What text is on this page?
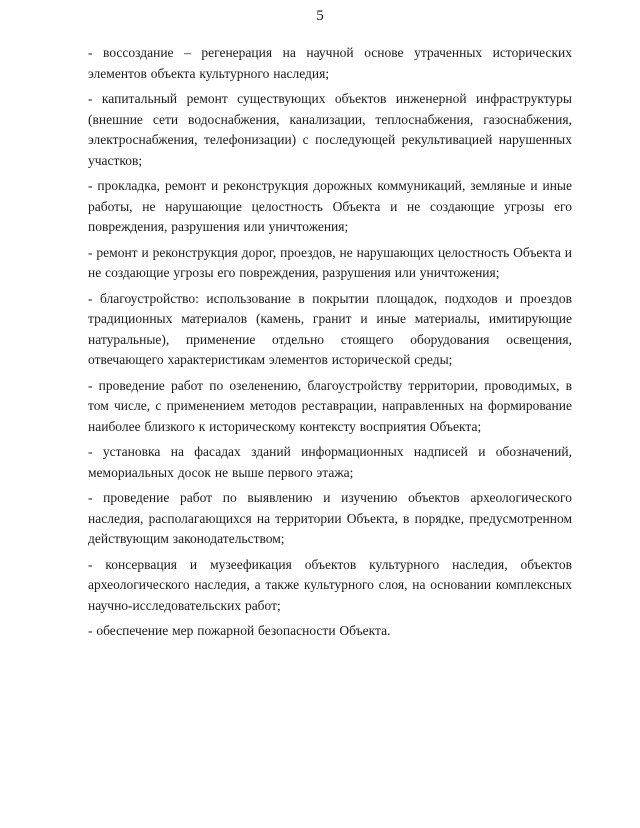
5

- воссоздание – регенерация на научной основе утраченных исторических элементов объекта культурного наследия;

- капитальный ремонт существующих объектов инженерной инфраструктуры (внешние сети водоснабжения, канализации, теплоснабжения, газоснабжения, электроснабжения, телефонизации) с последующей рекультивацией нарушенных участков;

- прокладка, ремонт и реконструкция дорожных коммуникаций, земляные и иные работы, не нарушающие целостность Объекта и не создающие угрозы его повреждения, разрушения или уничтожения;

- ремонт и реконструкция дорог, проездов, не нарушающих целостность Объекта и не создающие угрозы его повреждения, разрушения или уничтожения;

- благоустройство: использование в покрытии площадок, подходов и проездов традиционных материалов (камень, гранит и иные материалы, имитирующие натуральные), применение отдельно стоящего оборудования освещения, отвечающего характеристикам элементов исторической среды;

- проведение работ по озеленению, благоустройству территории, проводимых, в том числе, с применением методов реставрации, направленных на формирование наиболее близкого к историческому контексту восприятия Объекта;

- установка на фасадах зданий информационных надписей и обозначений, мемориальных досок не выше первого этажа;

- проведение работ по выявлению и изучению объектов археологического наследия, располагающихся на территории Объекта, в порядке, предусмотренном действующим законодательством;

- консервация и музеефикация объектов культурного наследия, объектов археологического наследия, а также культурного слоя, на основании комплексных научно-исследовательских работ;

- обеспечение мер пожарной безопасности Объекта.
